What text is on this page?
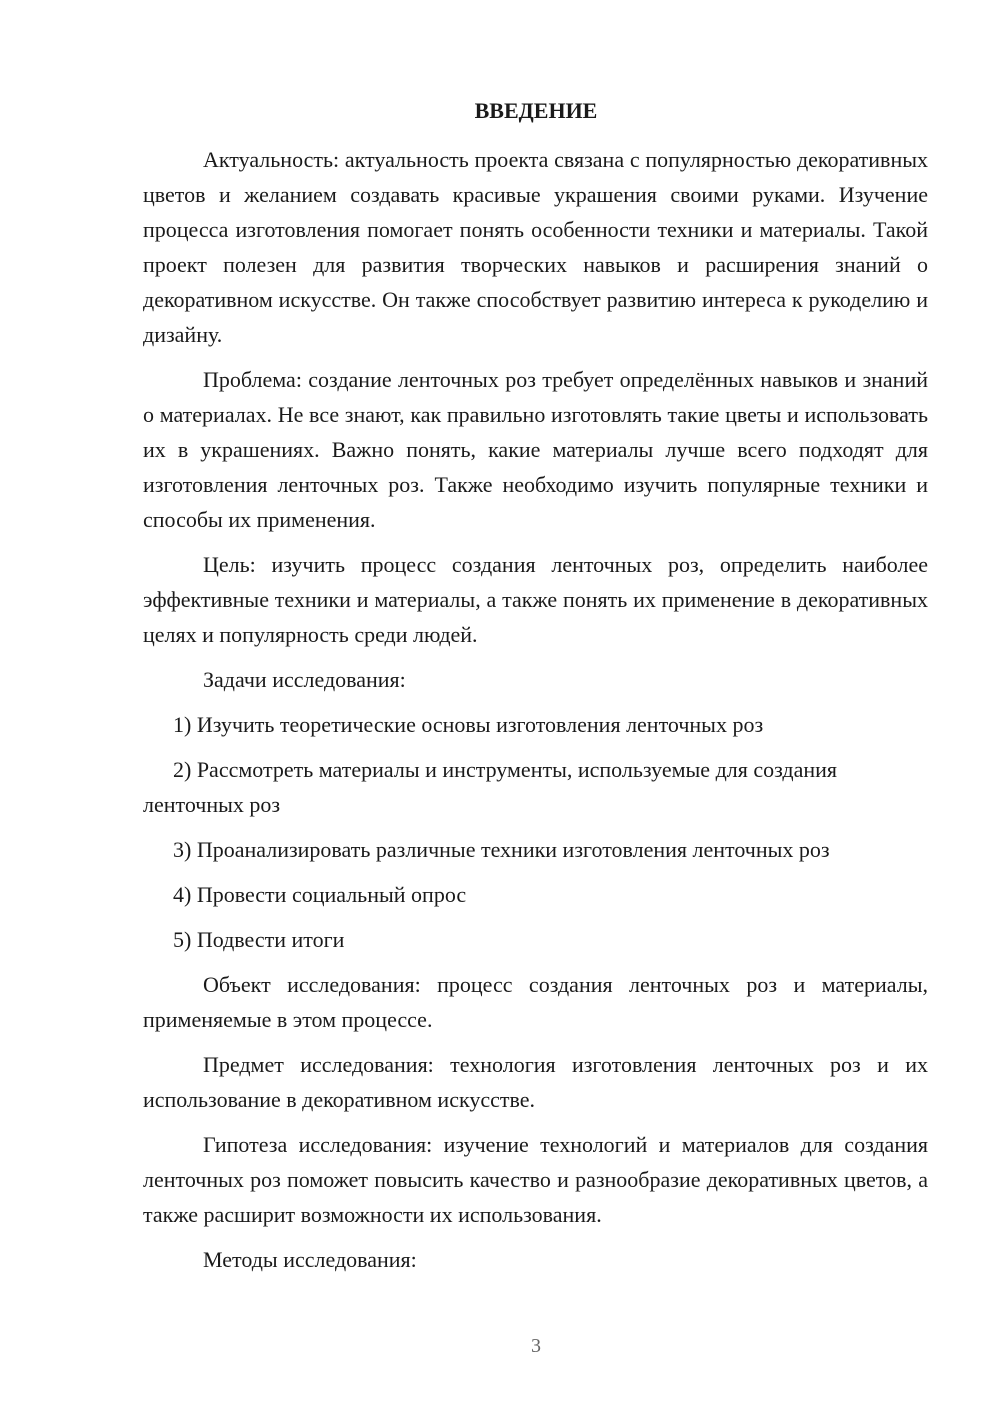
ВВЕДЕНИЕ

Актуальность: актуальность проекта связана с популярностью декоративных цветов и желанием создавать красивые украшения своими руками. Изучение процесса изготовления помогает понять особенности техники и материалы. Такой проект полезен для развития творческих навыков и расширения знаний о декоративном искусстве. Он также способствует развитию интереса к рукоделию и дизайну.

Проблема: создание ленточных роз требует определённых навыков и знаний о материалах. Не все знают, как правильно изготовлять такие цветы и использовать их в украшениях. Важно понять, какие материалы лучше всего подходят для изготовления ленточных роз. Также необходимо изучить популярные техники и способы их применения.

Цель: изучить процесс создания ленточных роз, определить наиболее эффективные техники и материалы, а также понять их применение в декоративных целях и популярность среди людей.

Задачи исследования:

1) Изучить теоретические основы изготовления ленточных роз

2) Рассмотреть материалы и инструменты, используемые для создания ленточных роз

3) Проанализировать различные техники изготовления ленточных роз

4) Провести социальный опрос

5) Подвести итоги

Объект исследования: процесс создания ленточных роз и материалы, применяемые в этом процессе.

Предмет исследования: технология изготовления ленточных роз и их использование в декоративном искусстве.

Гипотеза исследования: изучение технологий и материалов для создания ленточных роз поможет повысить качество и разнообразие декоративных цветов, а также расширит возможности их использования.

Методы исследования:

3
